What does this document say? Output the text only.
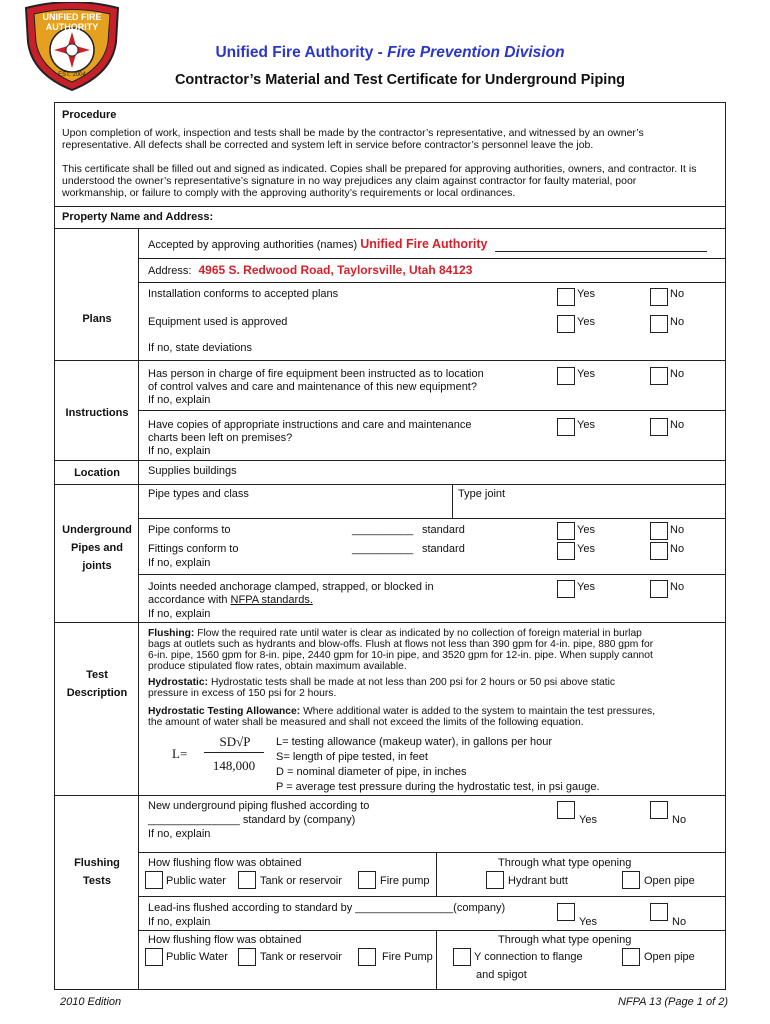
UNIFIED FIRE AUTHORITY
EST. 2004
Unified Fire Authority - Fire Prevention Division
Contractor’s Material and Test Certificate for Underground Piping
Procedure
Upon completion of work, inspection and tests shall be made by the contractor’s representative, and witnessed by an owner’s representative. All defects shall be corrected and system left in service before contractor’s personnel leave the job.
This certificate shall be filled out and signed as indicated. Copies shall be prepared for approving authorities, owners, and contractor. It is understood the owner’s representative’s signature in no way prejudices any claim against contractor for faulty material, poor workmanship, or failure to comply with the approving authority’s requirements or local ordinances.
Property Name and Address:
Accepted by approving authorities (names) Unified Fire Authority
Address: 4965 S. Redwood Road, Taylorsville, Utah 84123
Plans
Installation conforms to accepted plans	Yes	No
Equipment used is approved	Yes	No
If no, state deviations
Instructions
Has person in charge of fire equipment been instructed as to location
of control valves and care and maintenance of this new equipment?
If no, explain
Yes	No
Have copies of appropriate instructions and care and maintenance
charts been left on premises?
If no, explain
Yes	No
Location	Supplies buildings
Pipe types and class	Type joint
Underground
Pipes and
joints
Pipe conforms to	__________ standard	Yes	No
Fittings conform to	__________ standard	Yes	No
If no, explain
Joints needed anchorage clamped, strapped, or blocked in
accordance with NFPA standards.
If no, explain
Yes	No
Test
Description
Flushing: Flow the required rate until water is clear as indicated by no collection of foreign material in burlap
bags at outlets such as hydrants and blow-offs. Flush at flows not less than 390 gpm for 4-in. pipe, 880 gpm for
6-in. pipe, 1560 gpm for 8-in. pipe, 2440 gpm for 10-in pipe, and 3520 gpm for 12-in. pipe. When supply cannot
produce stipulated flow rates, obtain maximum available.
Hydrostatic: Hydrostatic tests shall be made at not less than 200 psi for 2 hours or 50 psi above static
pressure in excess of 150 psi for 2 hours.
Hydrostatic Testing Allowance: Where additional water is added to the system to maintain the test pressures,
the amount of water shall be measured and shall not exceed the limits of the following equation.
L=
SD√P
148,000
L= testing allowance (makeup water), in gallons per hour
S= length of pipe tested, in feet
D = nominal diameter of pipe, in inches
P = average test pressure during the hydrostatic test, in psi gauge.
Flushing
Tests
New underground piping flushed according to
_______________ standard by (company)
If no, explain
Yes	No
How flushing flow was obtained
Public water	Tank or reservoir	Fire pump
Through what type opening
Hydrant butt	Open pipe
Lead-ins flushed according to standard by ________________(company)
If no, explain	Yes	No
How flushing flow was obtained
Public Water	Tank or reservoir	Fire Pump
Through what type opening
Y connection to flange
and spigot
Open pipe
2010 Edition	NFPA 13 (Page 1 of 2)
